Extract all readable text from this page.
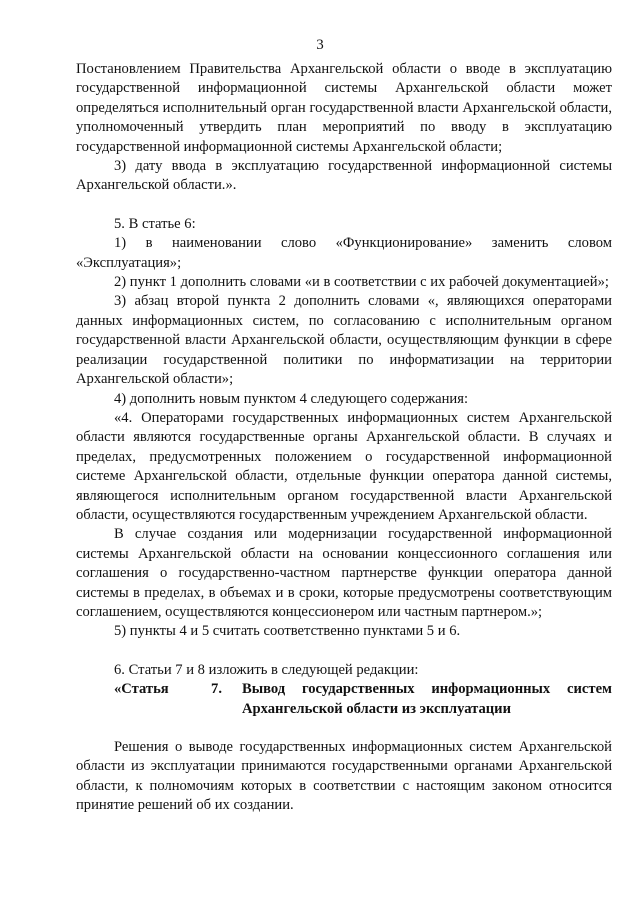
3

Постановлением Правительства Архангельской области о вводе в эксплуатацию государственной информационной системы Архангельской области может определяться исполнительный орган государственной власти Архангельской области, уполномоченный утвердить план мероприятий по вводу в эксплуатацию государственной информационной системы Архангельской области;

3) дату ввода в эксплуатацию государственной информационной системы Архангельской области.».

5. В статье 6:

1) в наименовании слово «Функционирование» заменить словом «Эксплуатация»;

2) пункт 1 дополнить словами «и в соответствии с их рабочей документацией»;

3) абзац второй пункта 2 дополнить словами «, являющихся операторами данных информационных систем, по согласованию с исполнительным органом государственной власти Архангельской области, осуществляющим функции в сфере реализации государственной политики по информатизации на территории Архангельской области»;

4) дополнить новым пунктом 4 следующего содержания:

«4. Операторами государственных информационных систем Архангельской области являются государственные органы Архангельской области. В случаях и пределах, предусмотренных положением о государственной информационной системе Архангельской области, отдельные функции оператора данной системы, являющегося исполнительным органом государственной власти Архангельской области, осуществляются государственным учреждением Архангельской области.

В случае создания или модернизации государственной информационной системы Архангельской области на основании концессионного соглашения или соглашения о государственно-частном партнерстве функции оператора данной системы в пределах, в объемах и в сроки, которые предусмотрены соответствующим соглашением, осуществляются концессионером или частным партнером.»;

5) пункты 4 и 5 считать соответственно пунктами 5 и 6.

6. Статьи 7 и 8 изложить в следующей редакции:

«Статья	7. Вывод государственных информационных систем
Архангельской области из эксплуатации

Решения о выводе государственных информационных систем Архангельской области из эксплуатации принимаются государственными органами Архангельской области, к полномочиям которых в соответствии с настоящим законом относится принятие решений об их создании.
